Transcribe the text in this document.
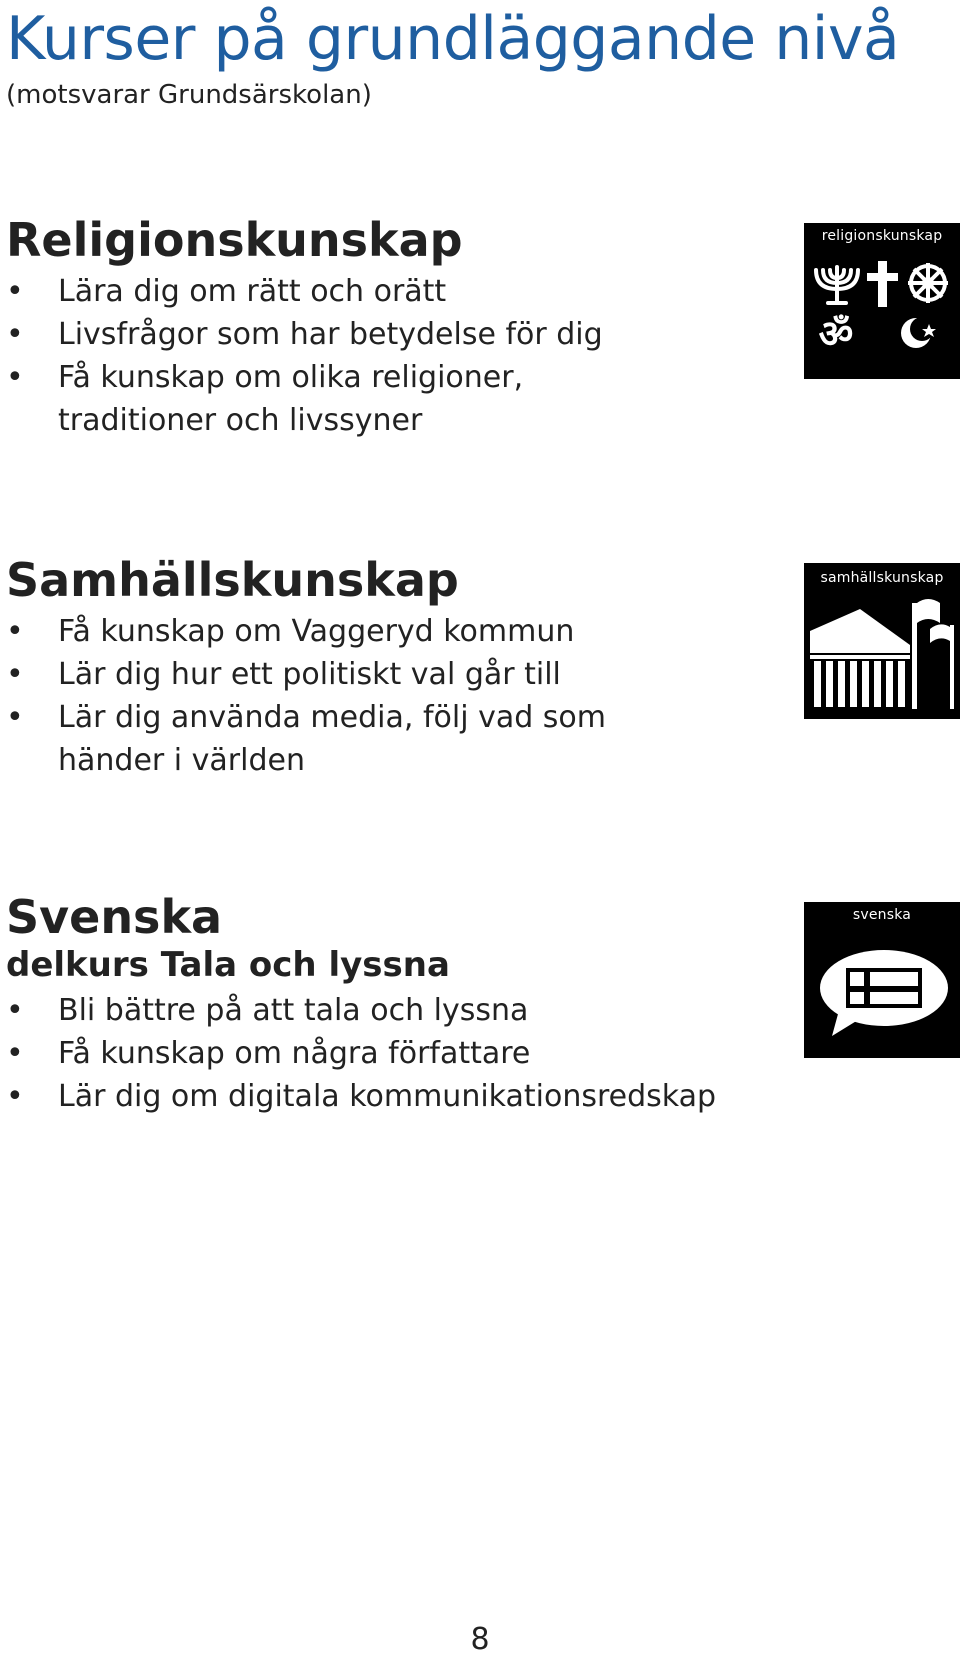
Kurser på grundläggande nivå

(motsvarar Grundsärskolan)

Religionskunskap
• Lära dig om rätt och orätt
• Livsfrågor som har betydelse för dig
• Få kunskap om olika religioner, traditioner och livssyner
religionskunskap
ॐ
Samhällskunskap
• Få kunskap om Vaggeryd kommun
• Lär dig hur ett politiskt val går till
• Lär dig använda media, följ vad som händer i världen
samhällskunskap
Svenska
delkurs Tala och lyssna
• Bli bättre på att tala och lyssna
• Få kunskap om några författare
• Lär dig om digitala kommunikationsredskap
svenska
8
